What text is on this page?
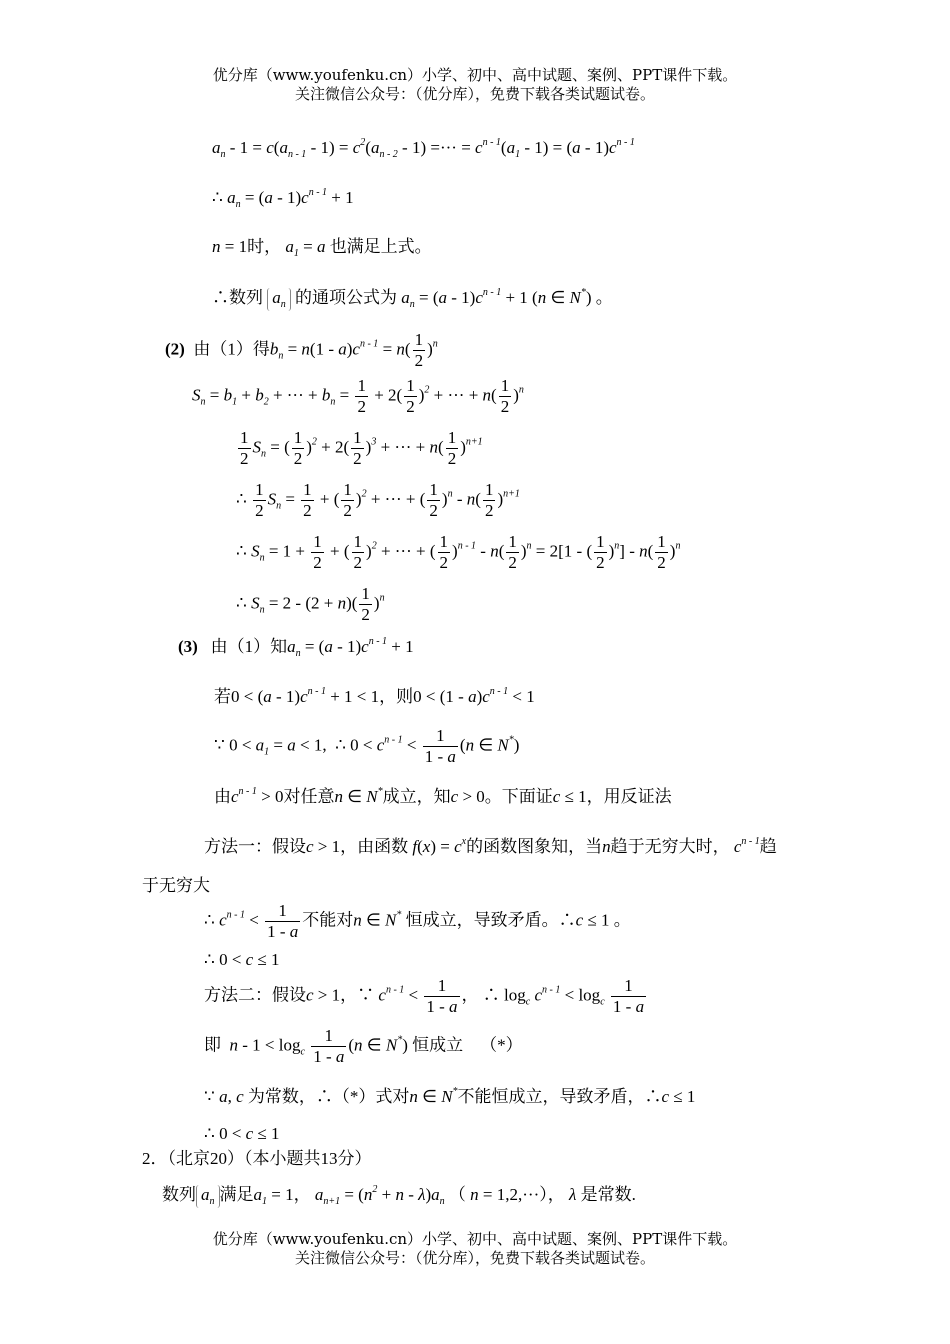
优分库（www.youfenku.cn）小学、初中、高中试题、案例、PPT课件下载。
关注微信公众号：（优分库），免费下载各类试题试卷。
$a_n - 1 = c(a_{n - 1} - 1) = c^2(a_{n - 2} - 1)$ =··· = $c^{n - 1}(a_1 - 1) = (a - 1)c^{n - 1}$
∴ $a_n = (a - 1)c^{n - 1} + 1$
n = 1时， $a_1 = a$ 也满足上式。
∴数列 $a_n$ 的通项公式为 $a_n = (a - 1)c^{n - 1} + 1$ (n ∈ N*) 。
(2) 由（1）得$b_n = n(1 - a)c^{n - 1} = n( \frac{1}{2} )^n$
$S_n = b_1 + b_2$ + ··· + $b_n = \frac{1}{2} + 2( \frac{1}{2} )^2$ + ··· + $n( \frac{1}{2} )^n$
$\frac{1}{2} S_n$ = ( $\frac{1}{2} )^2 + 2( \frac{1}{2} )^3$ + ··· + $n( \frac{1}{2} )^{n+1}$
∴ $\frac{1}{2} S_n = \frac{1}{2}$ + ( $\frac{1}{2} )^2$ + ··· + ( $\frac{1}{2} )^n - n( \frac{1}{2} )^{n+1}$
∴ $S_n = 1 + \frac{1}{2}$ + ( $\frac{1}{2} )^2$ + ··· + ( $\frac{1}{2} )^{n - 1} - n( \frac{1}{2} )^n = 2[1$ - ( $\frac{1}{2} )^n] - n( \frac{1}{2} )^n$
∴ $S_n = 2 - (2 + n)( \frac{1}{2} )^n$
(3) 由（1）知$a_n = (a - 1)c^{n - 1} + 1$
若$0 < (a - 1)c^{n - 1} + 1 < 1$，则$0 < (1 - a)c^{n - 1} < 1$
∵ $0 < a_1 = a < 1$,  ∴ $0 < c^{n - 1} < \frac{1}{1 - a} (n$ ∈ N*)
由$c^{n - 1} > 0$对任意n ∈ N*成立，知c > 0。下面证c ≤ 1，用反证法
方法一：假设c > 1，由函数 $f(x) = c^x$的函数图象知，当n趋于无穷大时， $c^{n - 1}$趋
于无穷大
∴ $c^{n - 1} < \frac{1}{1 - a}$ 不能对n ∈ N* 恒成立，导致矛盾。∴c ≤ 1 。
∴ 0 < c ≤ 1
方法二：假设c > 1，∵ $c^{n - 1} < \frac{1}{1 - a}$ ， ∴ $\log_c c^{n - 1} < \log_c \frac{1}{1 - a}$
即 $n - 1 < \log_c \frac{1}{1 - a} (n$ ∈ N*) 恒成立 （*）
∵ a, c 为常数，∴（*）式对n ∈ N*不能恒成立，导致矛盾，∴c ≤ 1
∴ 0 < c ≤ 1
2．（北京20）（本小题共13分）
数列 $a_n$ 满足$a_1 = 1$， $a_{n+1} = (n^2 + n - \lambda)a_n$ （ n = 1,2,···）， λ 是常数.
优分库（www.youfenku.cn）小学、初中、高中试题、案例、PPT课件下载。
关注微信公众号：（优分库），免费下载各类试题试卷。
